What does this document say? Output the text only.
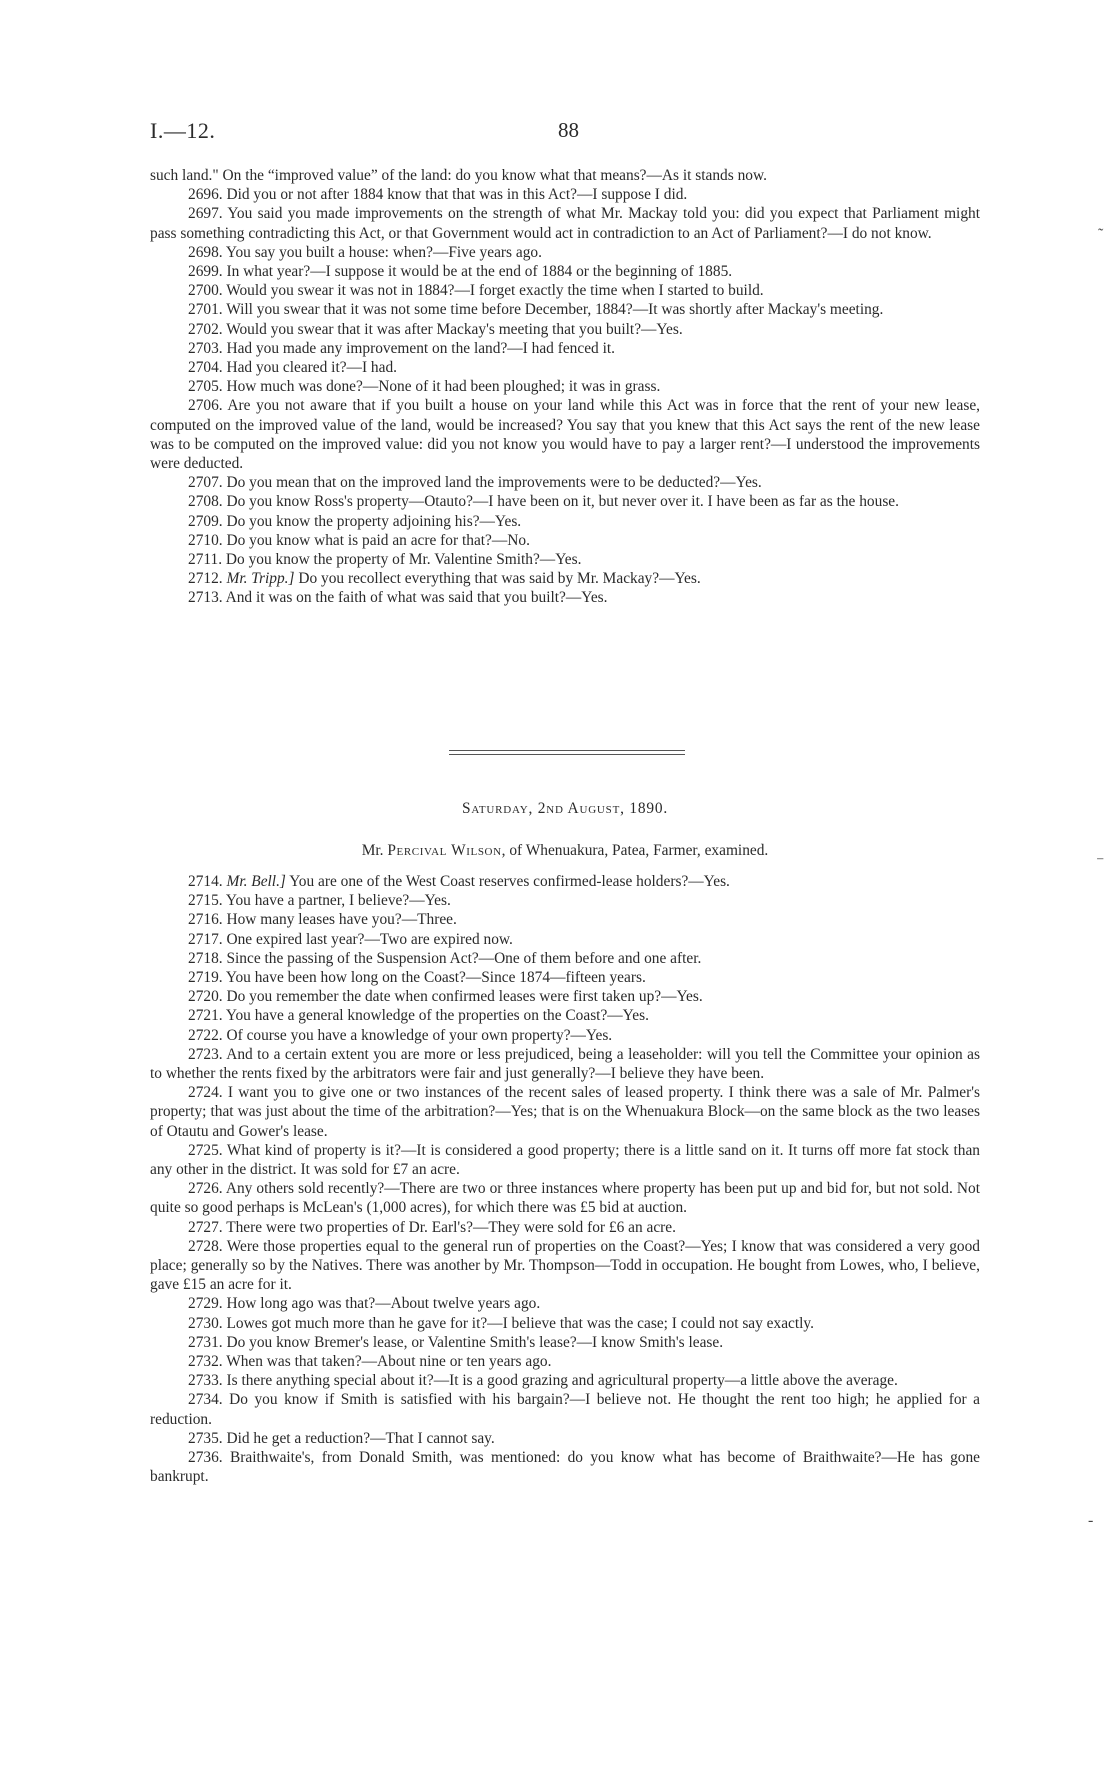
I.—12.	88

such land." On the “improved value” of the land: do you know what that means?—As it stands now.

2696. Did you or not after 1884 know that that was in this Act?—I suppose I did.

2697. You said you made improvements on the strength of what Mr. Mackay told you: did you expect that Parliament might pass something contradicting this Act, or that Government would act in contradiction to an Act of Parliament?—I do not know.

2698. You say you built a house: when?—Five years ago.

2699. In what year?—I suppose it would be at the end of 1884 or the beginning of 1885.

2700. Would you swear it was not in 1884?—I forget exactly the time when I started to build.

2701. Will you swear that it was not some time before December, 1884?—It was shortly after Mackay's meeting.

2702. Would you swear that it was after Mackay's meeting that you built?—Yes.

2703. Had you made any improvement on the land?—I had fenced it.

2704. Had you cleared it?—I had.

2705. How much was done?—None of it had been ploughed; it was in grass.

2706. Are you not aware that if you built a house on your land while this Act was in force that the rent of your new lease, computed on the improved value of the land, would be increased? You say that you knew that this Act says the rent of the new lease was to be computed on the improved value: did you not know you would have to pay a larger rent?—I understood the improvements were deducted.

2707. Do you mean that on the improved land the improvements were to be deducted?—Yes.

2708. Do you know Ross's property—Otauto?—I have been on it, but never over it. I have been as far as the house.

2709. Do you know the property adjoining his?—Yes.

2710. Do you know what is paid an acre for that?—No.

2711. Do you know the property of Mr. Valentine Smith?—Yes.

2712. Mr. Tripp.] Do you recollect everything that was said by Mr. Mackay?—Yes.

2713. And it was on the faith of what was said that you built?—Yes.

Saturday, 2nd August, 1890.
Mr. Percival Wilson, of Whenuakura, Patea, Farmer, examined.

2714. Mr. Bell.] You are one of the West Coast reserves confirmed-lease holders?—Yes.

2715. You have a partner, I believe?—Yes.

2716. How many leases have you?—Three.

2717. One expired last year?—Two are expired now.

2718. Since the passing of the Suspension Act?—One of them before and one after.

2719. You have been how long on the Coast?—Since 1874—fifteen years.

2720. Do you remember the date when confirmed leases were first taken up?—Yes.

2721. You have a general knowledge of the properties on the Coast?—Yes.

2722. Of course you have a knowledge of your own property?—Yes.

2723. And to a certain extent you are more or less prejudiced, being a leaseholder: will you tell the Committee your opinion as to whether the rents fixed by the arbitrators were fair and just generally?—I believe they have been.

2724. I want you to give one or two instances of the recent sales of leased property. I think there was a sale of Mr. Palmer's property; that was just about the time of the arbitration?—Yes; that is on the Whenuakura Block—on the same block as the two leases of Otautu and Gower's lease.

2725. What kind of property is it?—It is considered a good property; there is a little sand on it. It turns off more fat stock than any other in the district. It was sold for £7 an acre.

2726. Any others sold recently?—There are two or three instances where property has been put up and bid for, but not sold. Not quite so good perhaps is McLean's (1,000 acres), for which there was £5 bid at auction.

2727. There were two properties of Dr. Earl's?—They were sold for £6 an acre.

2728. Were those properties equal to the general run of properties on the Coast?—Yes; I know that was considered a very good place; generally so by the Natives. There was another by Mr. Thompson—Todd in occupation. He bought from Lowes, who, I believe, gave £15 an acre for it.

2729. How long ago was that?—About twelve years ago.

2730. Lowes got much more than he gave for it?—I believe that was the case; I could not say exactly.

2731. Do you know Bremer's lease, or Valentine Smith's lease?—I know Smith's lease.

2732. When was that taken?—About nine or ten years ago.

2733. Is there anything special about it?—It is a good grazing and agricultural property—a little above the average.

2734. Do you know if Smith is satisfied with his bargain?—I believe not. He thought the rent too high; he applied for a reduction.

2735. Did he get a reduction?—That I cannot say.

2736. Braithwaite's, from Donald Smith, was mentioned: do you know what has become of Braithwaite?—He has gone bankrupt.

˜
⁻
-
